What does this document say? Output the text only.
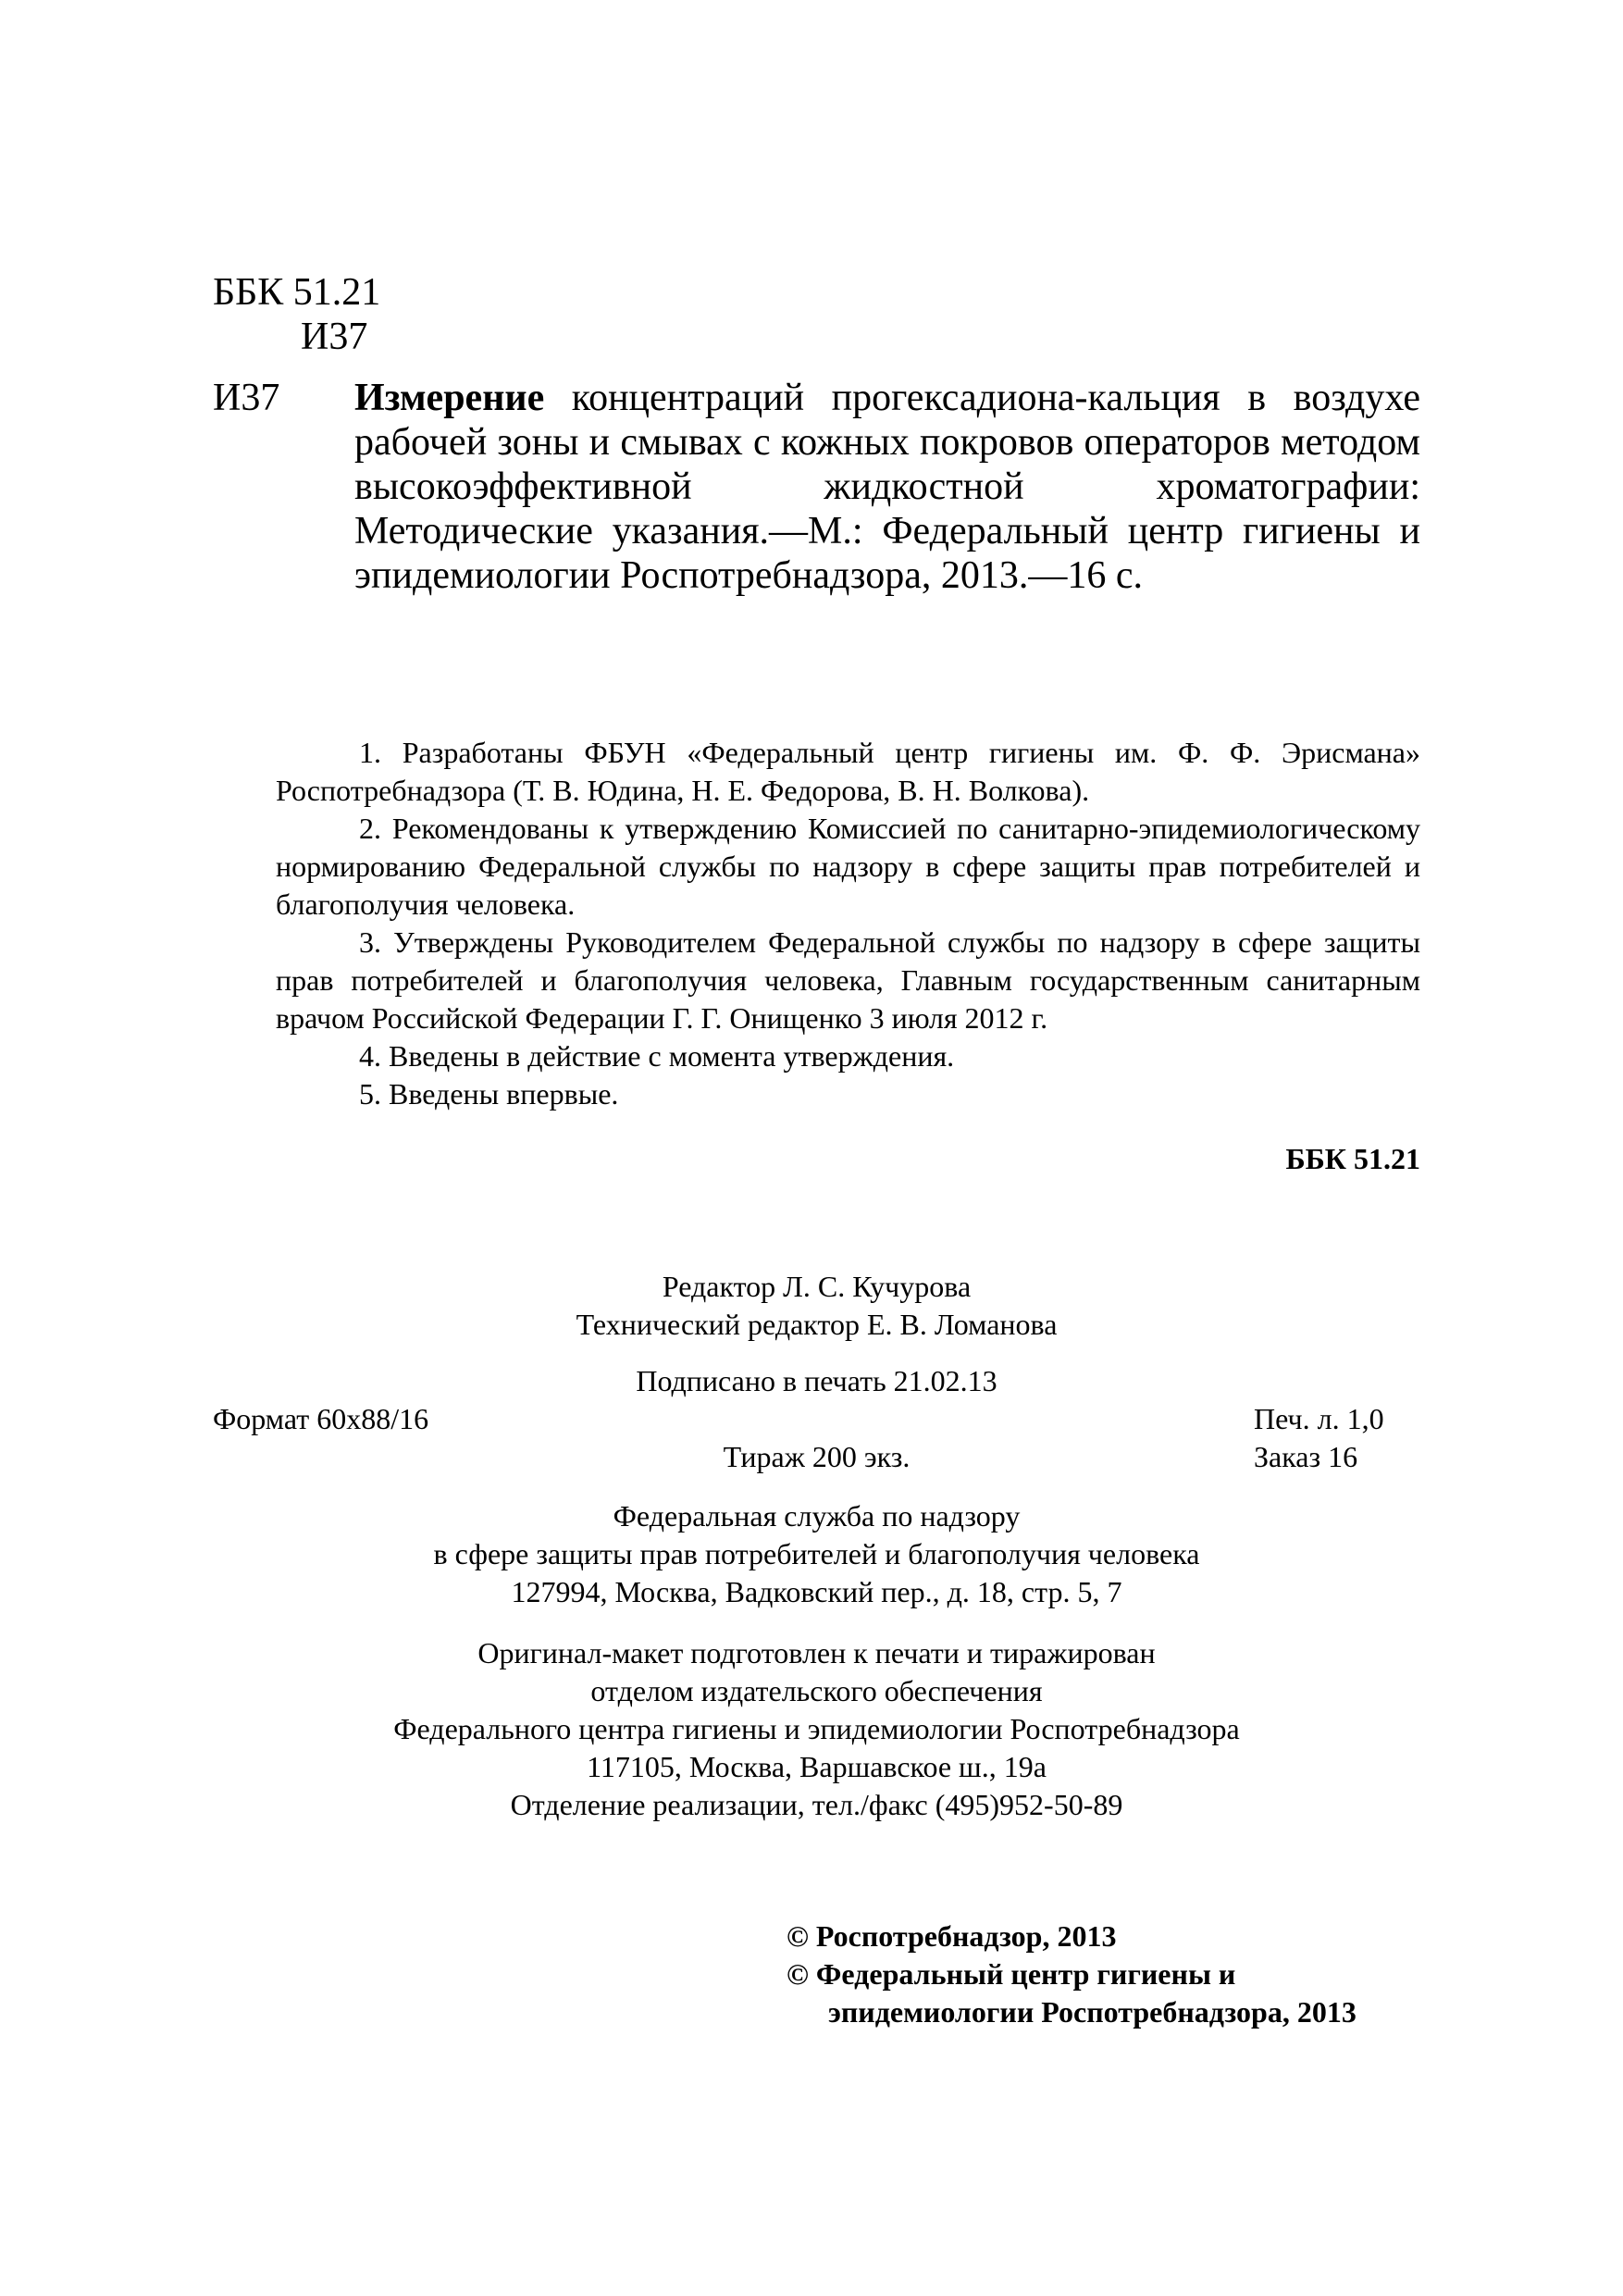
ББК 51.21
И37
И37	Измерение концентраций прогексадиона-кальция в воздухе рабочей зоны и смывах с кожных покровов операторов методом высокоэффективной жидкостной хроматографии: Методические указания.—М.: Федеральный центр гигиены и эпидемиологии Роспотребнадзора, 2013.—16 с.

1. Разработаны ФБУН «Федеральный центр гигиены им. Ф. Ф. Эрисмана» Роспотребнадзора (Т. В. Юдина, Н. Е. Федорова, В. Н. Волкова).

2. Рекомендованы к утверждению Комиссией по санитарно-эпидемиологическому нормированию Федеральной службы по надзору в сфере защиты прав потребителей и благополучия человека.

3. Утверждены Руководителем Федеральной службы по надзору в сфере защиты прав потребителей и благополучия человека, Главным государственным санитарным врачом Российской Федерации Г. Г. Онищенко 3 июля 2012 г.

4. Введены в действие с момента утверждения.

5. Введены впервые.

ББК 51.21
Редактор Л. С. Кучурова
Технический редактор Е. В. Ломанова
Подписано в печать 21.02.13
Формат 60x88/16	Печ. л. 1,0
Тираж 200 экз.	Заказ 16
Федеральная служба по надзору
в сфере защиты прав потребителей и благополучия человека
127994, Москва, Вадковский пер., д. 18, стр. 5, 7
Оригинал-макет подготовлен к печати и тиражирован
отделом издательского обеспечения
Федерального центра гигиены и эпидемиологии Роспотребнадзора
117105, Москва, Варшавское ш., 19а
Отделение реализации, тел./факс (495)952-50-89
© Роспотребнадзор, 2013
© Федеральный центр гигиены и
эпидемиологии Роспотребнадзора, 2013
